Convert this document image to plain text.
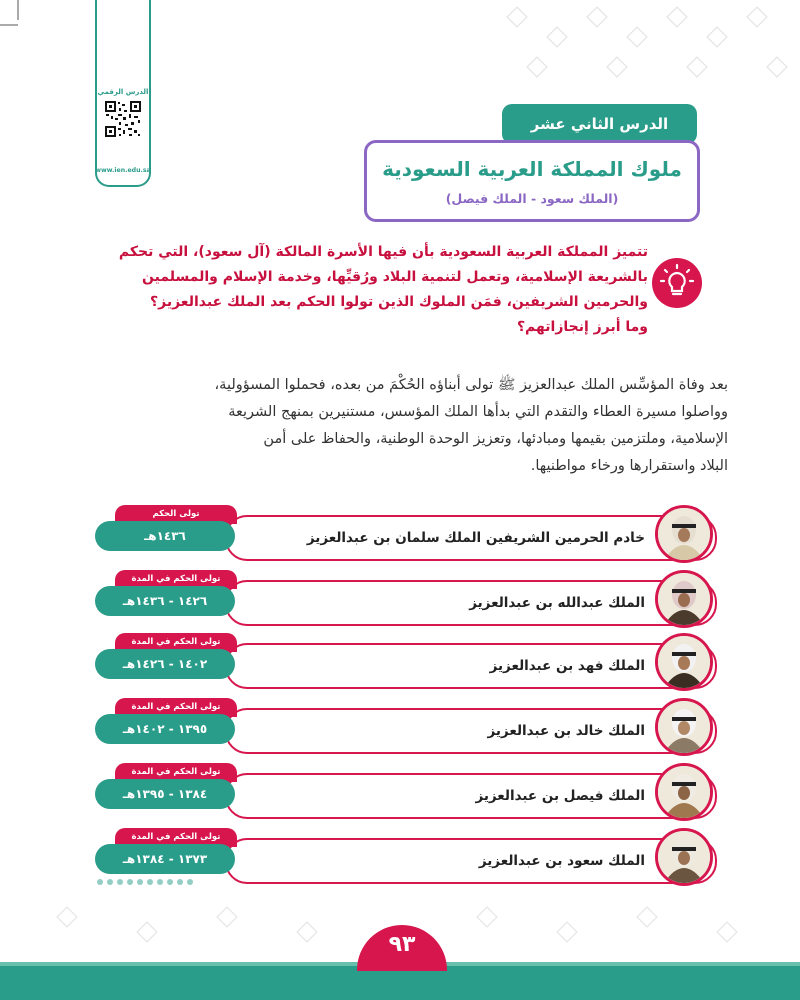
الدرس الرقمي
www.ien.edu.sa
الدرس الثاني عشر
ملوك المملكة العربية السعودية
(الملك سعود - الملك فيصل)
تتميز المملكة العربية السعودية بأن فيها الأسرة المالكة (آل سعود)، التي تحكم
بالشريعة الإسلامية، وتعمل لتنمية البلاد ورُقيِّها، وخدمة الإسلام والمسلمين
والحرمين الشريفين، فمَن الملوك الذين تولوا الحكم بعد الملك عبدالعزيز؟
وما أبرز إنجازاتهم؟
بعد وفاة المؤسِّس الملك عبدالعزيز ﷺ تولى أبناؤه الحُكْمَ من بعده، فحملوا المسؤولية،
وواصلوا مسيرة العطاء والتقدم التي بدأها الملك المؤسس، مستنيرين بمنهج الشريعة
الإسلامية، وملتزمين بقيمها ومبادئها، وتعزيز الوحدة الوطنية، والحفاظ على أمن
البلاد واستقرارها ورخاء مواطنيها.
خادم الحرمين الشريفين الملك سلمان بن عبدالعزيز
تولى الحكم
١٤٣٦هـ
الملك عبدالله بن عبدالعزيز
تولى الحكم في المدة
١٤٢٦ - ١٤٣٦هـ
الملك فهد بن عبدالعزيز
تولى الحكم في المدة
١٤٠٢ - ١٤٢٦هـ
الملك خالد بن عبدالعزيز
تولى الحكم في المدة
١٣٩٥ - ١٤٠٢هـ
الملك فيصل بن عبدالعزيز
تولى الحكم في المدة
١٣٨٤ - ١٣٩٥هـ
الملك سعود بن عبدالعزيز
تولى الحكم في المدة
١٣٧٣ - ١٣٨٤هـ
٩٣
